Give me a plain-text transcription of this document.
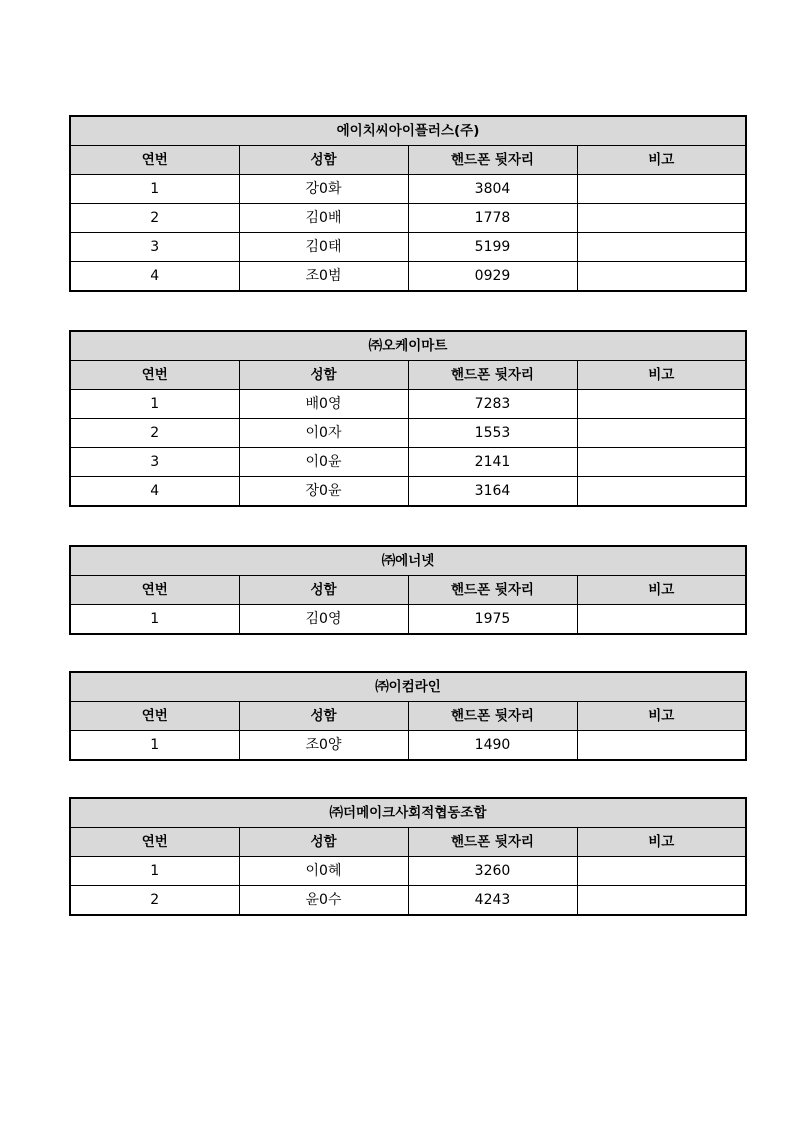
에이치씨아이플러스(주)			
연번	성함	핸드폰 뒷자리	비고
1	강0화	3804	
2	김0배	1778	
3	김0태	5199	
4	조0범	0929	
㈜오케이마트			
연번	성함	핸드폰 뒷자리	비고
1	배0영	7283	
2	이0자	1553	
3	이0윤	2141	
4	장0윤	3164	
㈜에너넷			
연번	성함	핸드폰 뒷자리	비고
1	김0영	1975	
㈜이컴라인			
연번	성함	핸드폰 뒷자리	비고
1	조0양	1490	
㈜더메이크사회적협동조합			
연번	성함	핸드폰 뒷자리	비고
1	이0혜	3260	
2	윤0수	4243	
